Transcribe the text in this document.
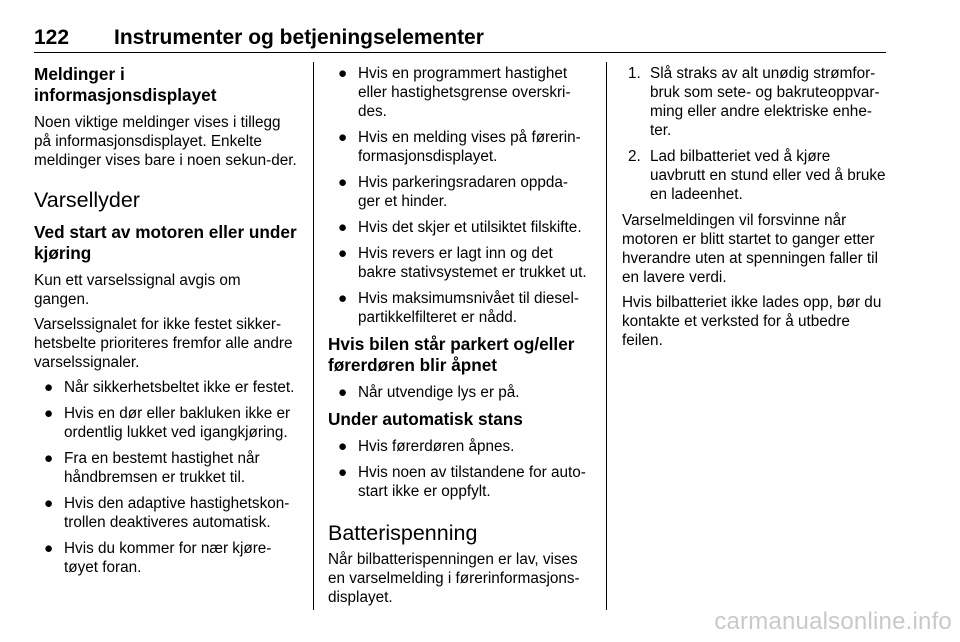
122 Instrumenter og betjeningselementer
Meldinger i informasjonsdisplayet

Noen viktige meldinger vises i tillegg på informasjonsdisplayet. Enkelte meldinger vises bare i noen sekun-der.

Varsellyder
Ved start av motoren eller under kjøring

Kun ett varselssignal avgis om gangen.

Varselssignalet for ikke festet sikker-hetsbelte prioriteres fremfor alle andre varselssignaler.

● Når sikkerhetsbeltet ikke er festet.
● Hvis en dør eller bakluken ikke er ordentlig lukket ved igangkjøring.
● Fra en bestemt hastighet når håndbremsen er trukket til.
● Hvis den adaptive hastighetskon-trollen deaktiveres automatisk.
● Hvis du kommer for nær kjøre-tøyet foran.
● Hvis en programmert hastighet eller hastighetsgrense overskri-des.
● Hvis en melding vises på førerin-formasjonsdisplayet.
● Hvis parkeringsradaren oppda-ger et hinder.
● Hvis det skjer et utilsiktet filskifte.
● Hvis revers er lagt inn og det bakre stativsystemet er trukket ut.
● Hvis maksimumsnivået til diesel-partikkelfilteret er nådd.
Hvis bilen står parkert og/eller førerdøren blir åpnet
● Når utvendige lys er på.
Under automatisk stans
● Hvis førerdøren åpnes.
● Hvis noen av tilstandene for auto-start ikke er oppfylt.
Batterispenning

Når bilbatterispenningen er lav, vises en varselmelding i førerinformasjons-displayet.

1. Slå straks av alt unødig strømfor-bruk som sete- og bakruteoppvar-ming eller andre elektriske enhe-ter.
2. Lad bilbatteriet ved å kjøre uavbrutt en stund eller ved å bruke en ladeenhet.

Varselmeldingen vil forsvinne når motoren er blitt startet to ganger etter hverandre uten at spenningen faller til en lavere verdi.

Hvis bilbatteriet ikke lades opp, bør du kontakte et verksted for å utbedre feilen.

carmanualsonline.info
